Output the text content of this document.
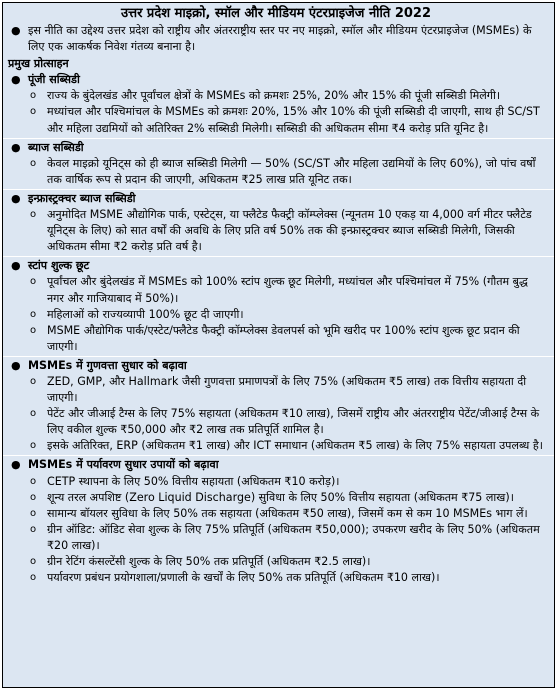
उत्तर प्रदेश माइक्रो, स्मॉल और मीडियम एंटरप्राइजेज नीति 2022
● इस नीति का उद्देश्य उत्तर प्रदेश को राष्ट्रीय और अंतरराष्ट्रीय स्तर पर नए माइक्रो, स्मॉल और मीडियम एंटरप्राइजेज (MSMEs) के लिए एक आकर्षक निवेश गंतव्य बनाना है।
प्रमुख प्रोत्साहन
● पूंजी सब्सिडी
o राज्य के बुंदेलखंड और पूर्वांचल क्षेत्रों के MSMEs को क्रमशः 25%, 20% और 15% की पूंजी सब्सिडी मिलेगी।
o मध्यांचल और पश्चिमांचल के MSMEs को क्रमशः 20%, 15% और 10% की पूंजी सब्सिडी दी जाएगी, साथ ही SC/ST और महिला उद्यमियों को अतिरिक्त 2% सब्सिडी मिलेगी। सब्सिडी की अधिकतम सीमा ₹4 करोड़ प्रति यूनिट है।
● ब्याज सब्सिडी
o केवल माइक्रो यूनिट्स को ही ब्याज सब्सिडी मिलेगी — 50% (SC/ST और महिला उद्यमियों के लिए 60%), जो पांच वर्षों तक वार्षिक रूप से प्रदान की जाएगी, अधिकतम ₹25 लाख प्रति यूनिट तक।
● इन्फ्रास्ट्रक्चर ब्याज सब्सिडी
o अनुमोदित MSME औद्योगिक पार्क, एस्टेट्स, या फ्लैटेड फैक्ट्री कॉम्प्लेक्स (न्यूनतम 10 एकड़ या 4,000 वर्ग मीटर फ्लैटेड यूनिट्स के लिए) को सात वर्षों की अवधि के लिए प्रति वर्ष 50% तक की इन्फ्रास्ट्रक्चर ब्याज सब्सिडी मिलेगी, जिसकी अधिकतम सीमा ₹2 करोड़ प्रति वर्ष है।
● स्टांप शुल्क छूट
o पूर्वांचल और बुंदेलखंड में MSMEs को 100% स्टांप शुल्क छूट मिलेगी, मध्यांचल और पश्चिमांचल में 75% (गौतम बुद्ध नगर और गाजियाबाद में 50%)।
o महिलाओं को राज्यव्यापी 100% छूट दी जाएगी।
o MSME औद्योगिक पार्क/एस्टेट/फ्लैटेड फैक्ट्री कॉम्प्लेक्स डेवलपर्स को भूमि खरीद पर 100% स्टांप शुल्क छूट प्रदान की जाएगी।
● MSMEs में गुणवत्ता सुधार को बढ़ावा
o ZED, GMP, और Hallmark जैसी गुणवत्ता प्रमाणपत्रों के लिए 75% (अधिकतम ₹5 लाख) तक वित्तीय सहायता दी जाएगी।
o पेटेंट और जीआई टैग्स के लिए 75% सहायता (अधिकतम ₹10 लाख), जिसमें राष्ट्रीय और अंतरराष्ट्रीय पेटेंट/जीआई टैग्स के लिए वकील शुल्क ₹50,000 और ₹2 लाख तक प्रतिपूर्ति शामिल है।
o इसके अतिरिक्त, ERP (अधिकतम ₹1 लाख) और ICT समाधान (अधिकतम ₹5 लाख) के लिए 75% सहायता उपलब्ध है।
● MSMEs में पर्यावरण सुधार उपायों को बढ़ावा
o CETP स्थापना के लिए 50% वित्तीय सहायता (अधिकतम ₹10 करोड़)।
o शून्य तरल अपशिष्ट (Zero Liquid Discharge) सुविधा के लिए 50% वित्तीय सहायता (अधिकतम ₹75 लाख)।
o सामान्य बॉयलर सुविधा के लिए 50% तक सहायता (अधिकतम ₹50 लाख), जिसमें कम से कम 10 MSMEs भाग लें।
o ग्रीन ऑडिट: ऑडिट सेवा शुल्क के लिए 75% प्रतिपूर्ति (अधिकतम ₹50,000); उपकरण खरीद के लिए 50% (अधिकतम ₹20 लाख)।
o ग्रीन रेटिंग कंसल्टेंसी शुल्क के लिए 50% तक प्रतिपूर्ति (अधिकतम ₹2.5 लाख)।
o पर्यावरण प्रबंधन प्रयोगशाला/प्रणाली के खर्चों के लिए 50% तक प्रतिपूर्ति (अधिकतम ₹10 लाख)।
